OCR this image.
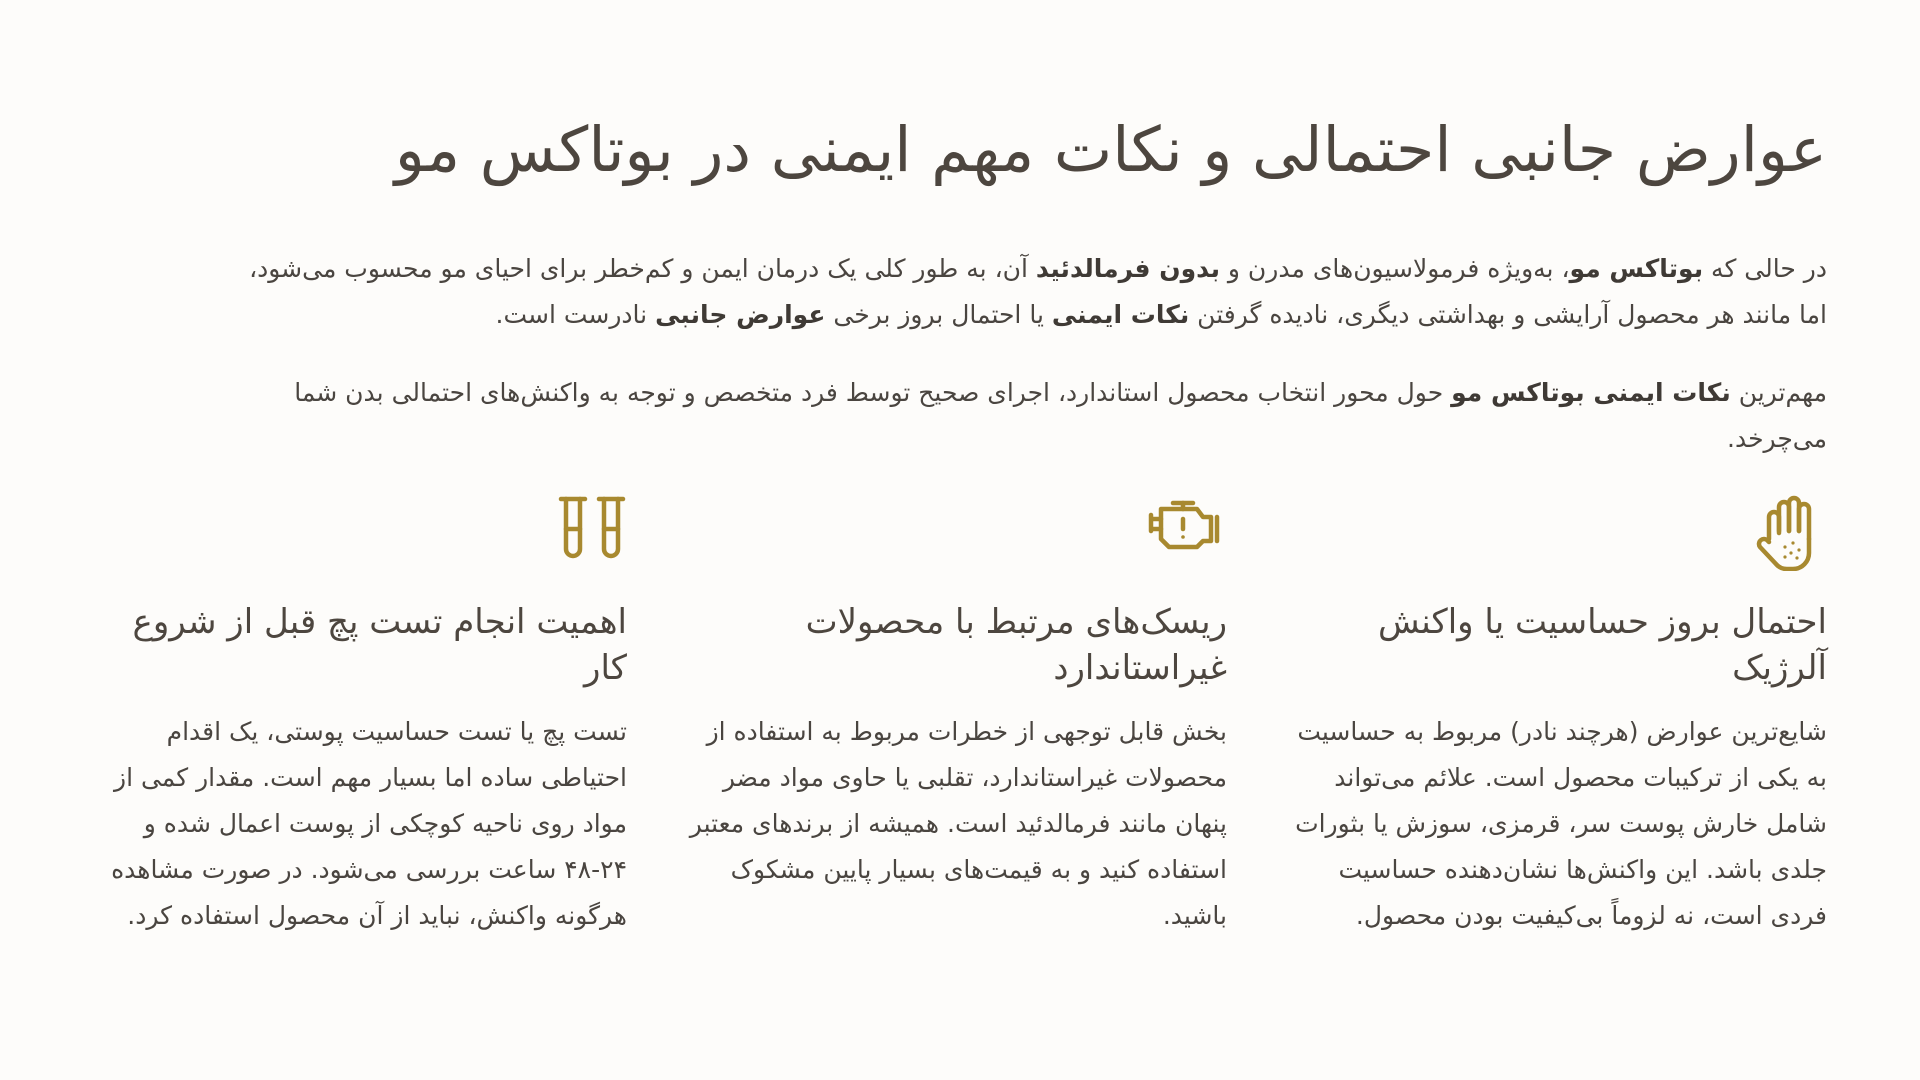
عوارض جانبی احتمالی و نکات مهم ایمنی در بوتاکس مو

در حالی که بوتاکس مو، به‌ویژه فرمولاسیون‌های مدرن و بدون فرمالدئید آن، به طور کلی یک درمان ایمن و کم‌خطر برای احیای مو محسوب می‌شود، اما مانند هر محصول آرایشی و بهداشتی دیگری، نادیده گرفتن نکات ایمنی یا احتمال بروز برخی عوارض جانبی نادرست است.

مهم‌ترین نکات ایمنی بوتاکس مو حول محور انتخاب محصول استاندارد، اجرای صحیح توسط فرد متخصص و توجه به واکنش‌های احتمالی بدن شما می‌چرخد.

احتمال بروز حساسیت یا واکنش آلرژیک

شایع‌ترین عوارض (هرچند نادر) مربوط به حساسیت به یکی از ترکیبات محصول است. علائم می‌تواند شامل خارش پوست سر، قرمزی، سوزش یا بثورات جلدی باشد. این واکنش‌ها نشان‌دهنده حساسیت فردی است، نه لزوماً بی‌کیفیت بودن محصول.

ریسک‌های مرتبط با محصولات غیراستاندارد

بخش قابل توجهی از خطرات مربوط به استفاده از محصولات غیراستاندارد، تقلبی یا حاوی مواد مضر پنهان مانند فرمالدئید است. همیشه از برندهای معتبر استفاده کنید و به قیمت‌های بسیار پایین مشکوک باشید.

اهمیت انجام تست پچ قبل از شروع کار

تست پچ یا تست حساسیت پوستی، یک اقدام احتیاطی ساده اما بسیار مهم است. مقدار کمی از مواد روی ناحیه کوچکی از پوست اعمال شده و ۲۴-۴۸ ساعت بررسی می‌شود. در صورت مشاهده هرگونه واکنش، نباید از آن محصول استفاده کرد.
